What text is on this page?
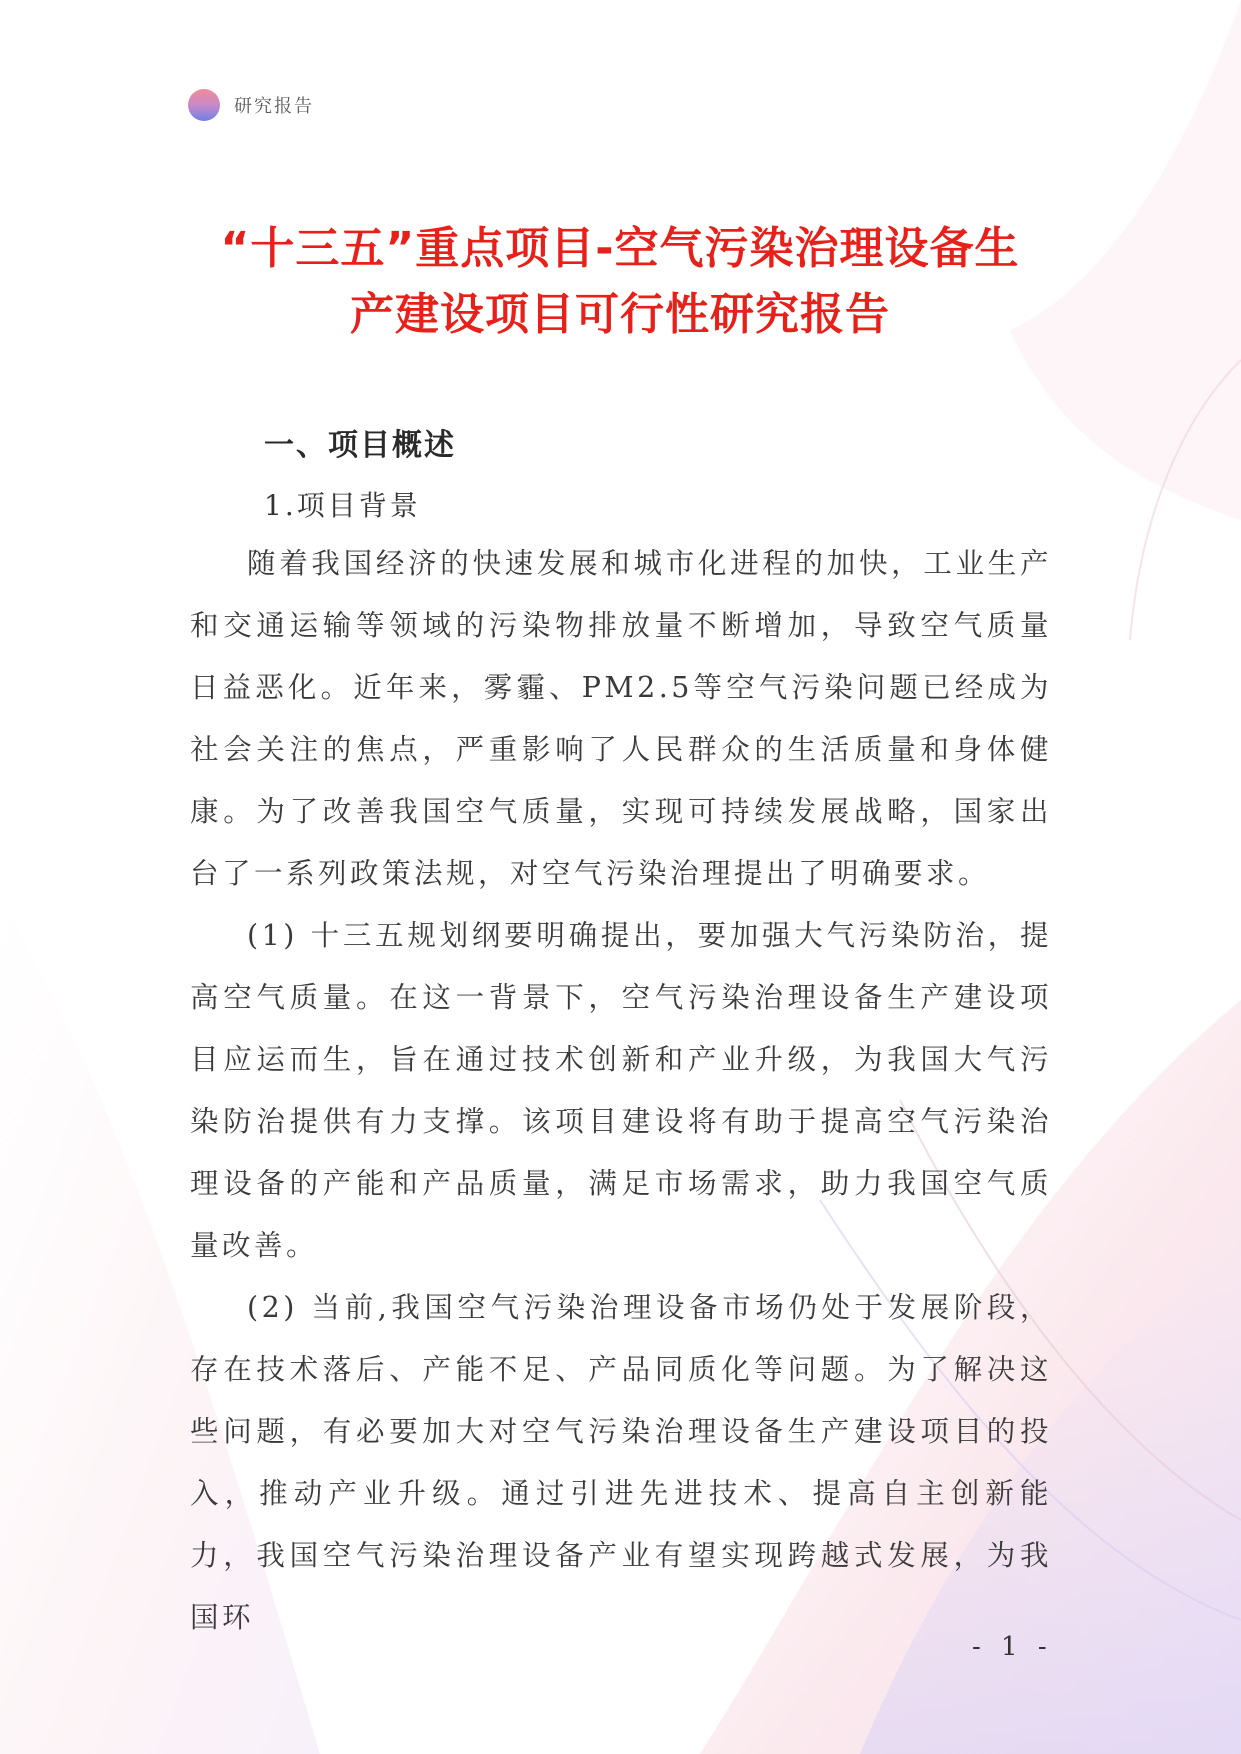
研究报告
“十三五”重点项目-空气污染治理设备生
产建设项目可行性研究报告
一、项目概述
1.项目背景

随着我国经济的快速发展和城市化进程的加快，工业生产和交通运输等领域的污染物排放量不断增加，导致空气质量日益恶化。近年来，雾霾、PM2.5等空气污染问题已经成为社会关注的焦点，严重影响了人民群众的生活质量和身体健康。为了改善我国空气质量，实现可持续发展战略，国家出台了一系列政策法规，对空气污染治理提出了明确要求。

(1) 十三五规划纲要明确提出，要加强大气污染防治，提高空气质量。在这一背景下，空气污染治理设备生产建设项目应运而生，旨在通过技术创新和产业升级，为我国大气污染防治提供有力支撑。该项目建设将有助于提高空气污染治理设备的产能和产品质量，满足市场需求，助力我国空气质量改善。

(2) 当前,我国空气污染治理设备市场仍处于发展阶段，存在技术落后、产能不足、产品同质化等问题。为了解决这些问题，有必要加大对空气污染治理设备生产建设项目的投入，推动产业升级。通过引进先进技术、提高自主创新能力，我国空气污染治理设备产业有望实现跨越式发展，为我国环

- 1 -
